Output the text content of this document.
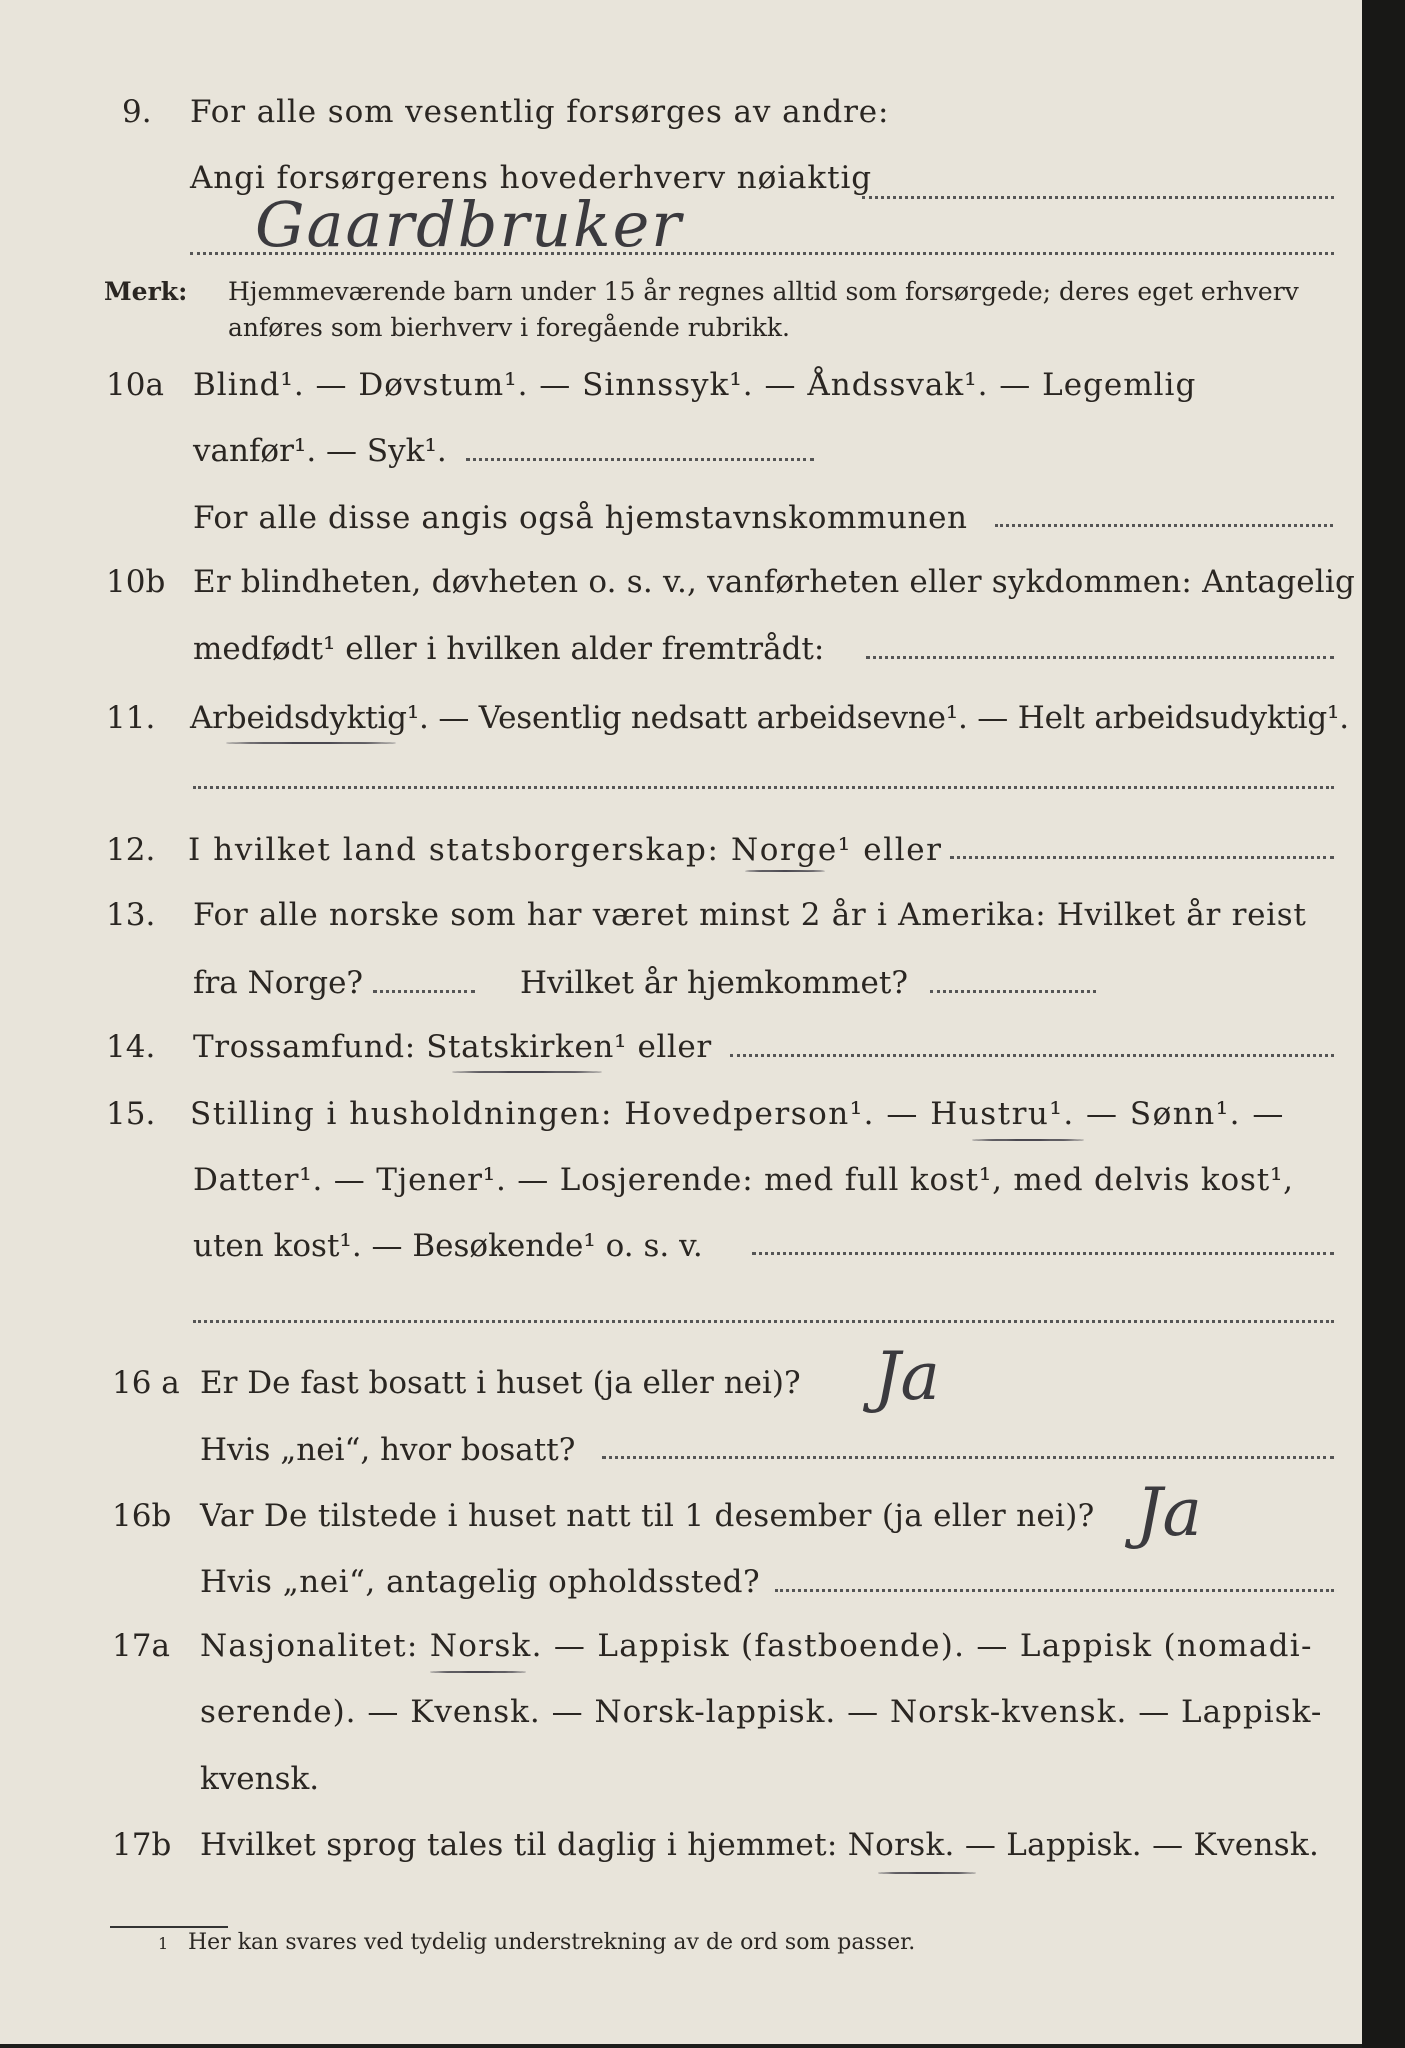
9. For alle som vesentlig forsørges av andre:
Angi forsørgerens hovederhverv nøiaktig
Gaardbruker
Merk: Hjemmeværende barn under 15 år regnes alltid som forsørgede; deres eget erhverv
anføres som bierhverv i foregående rubrikk.
10a Blind¹. — Døvstum¹. — Sinnssyk¹. — Åndssvak¹. — Legemlig
vanfør¹. — Syk¹.
For alle disse angis også hjemstavnskommunen
10b Er blindheten, døvheten o. s. v., vanførheten eller sykdommen: Antagelig
medfødt¹ eller i hvilken alder fremtrådt:
11. Arbeidsdyktig¹. — Vesentlig nedsatt arbeidsevne¹. — Helt arbeidsudyktig¹.
12. I hvilket land statsborgerskap: Norge¹ eller
13. For alle norske som har været minst 2 år i Amerika: Hvilket år reist
fra Norge?	Hvilket år hjemkommet?
14. Trossamfund: Statskirken¹ eller
15. Stilling i husholdningen: Hovedperson¹. — Hustru¹. — Sønn¹. —
Datter¹. — Tjener¹. — Losjerende: med full kost¹, med delvis kost¹,
uten kost¹. — Besøkende¹ o. s. v.
16 a Er De fast bosatt i huset (ja eller nei)? Ja
Hvis „nei“, hvor bosatt?
16b Var De tilstede i huset natt til 1 desember (ja eller nei)? Ja
Hvis „nei“, antagelig opholdssted?
17a Nasjonalitet: Norsk. — Lappisk (fastboende). — Lappisk (nomadi-
serende). — Kvensk. — Norsk-lappisk. — Norsk-kvensk. — Lappisk-
kvensk.
17b Hvilket sprog tales til daglig i hjemmet: Norsk. — Lappisk. — Kvensk.
1 Her kan svares ved tydelig understrekning av de ord som passer.
